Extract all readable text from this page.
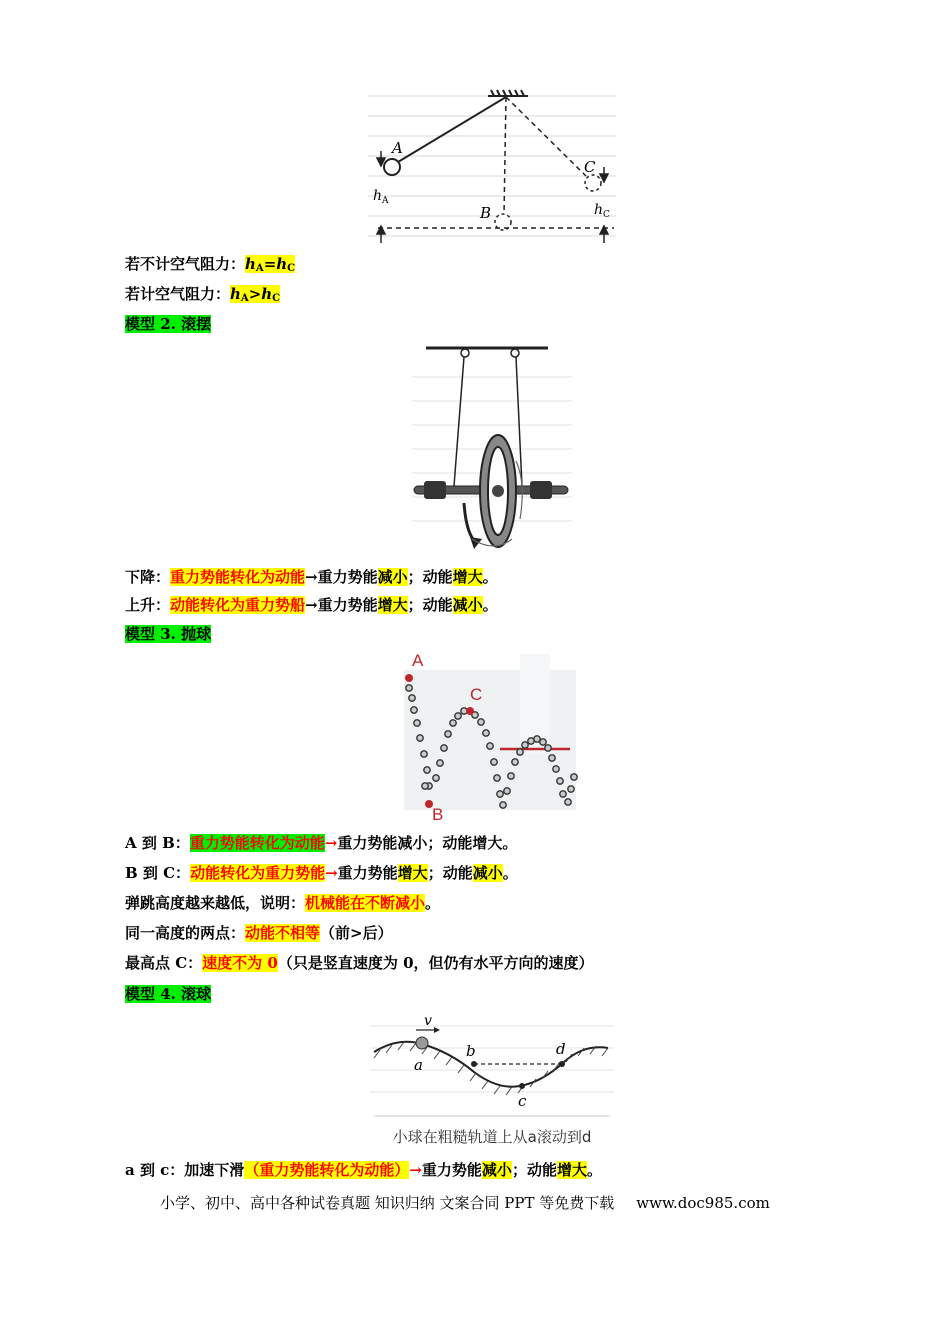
A
B
C
$h_A$
$h_C$
若不计空气阻力：$h_A=h_C$
若计空气阻力：$h_A>h_C$
模型 2. 滚摆
下降：重力势能转化为动能→重力势能减小；动能增大。
上升：动能转化为重力势船→重力势能增大；动能减小。
模型 3. 抛球
A
C
B
A 到 B：重力势能转化为动能→重力势能减小；动能增大。
B 到 C：动能转化为重力势能→重力势能增大；动能减小。
弹跳高度越来越低，说明：机械能在不断减小。
同一高度的两点：动能不相等（前>后）
最高点 C：速度不为 0（只是竖直速度为 0，但仍有水平方向的速度）
模型 4. 滚球
v
a
b
c
d
小球在粗糙轨道上从a滚动到d
a 到 c：加速下滑（重力势能转化为动能）→重力势能减小；动能增大。
小学、初中、高中各种试卷真题 知识归纳 文案合同 PPT 等免费下载 www.doc985.com
